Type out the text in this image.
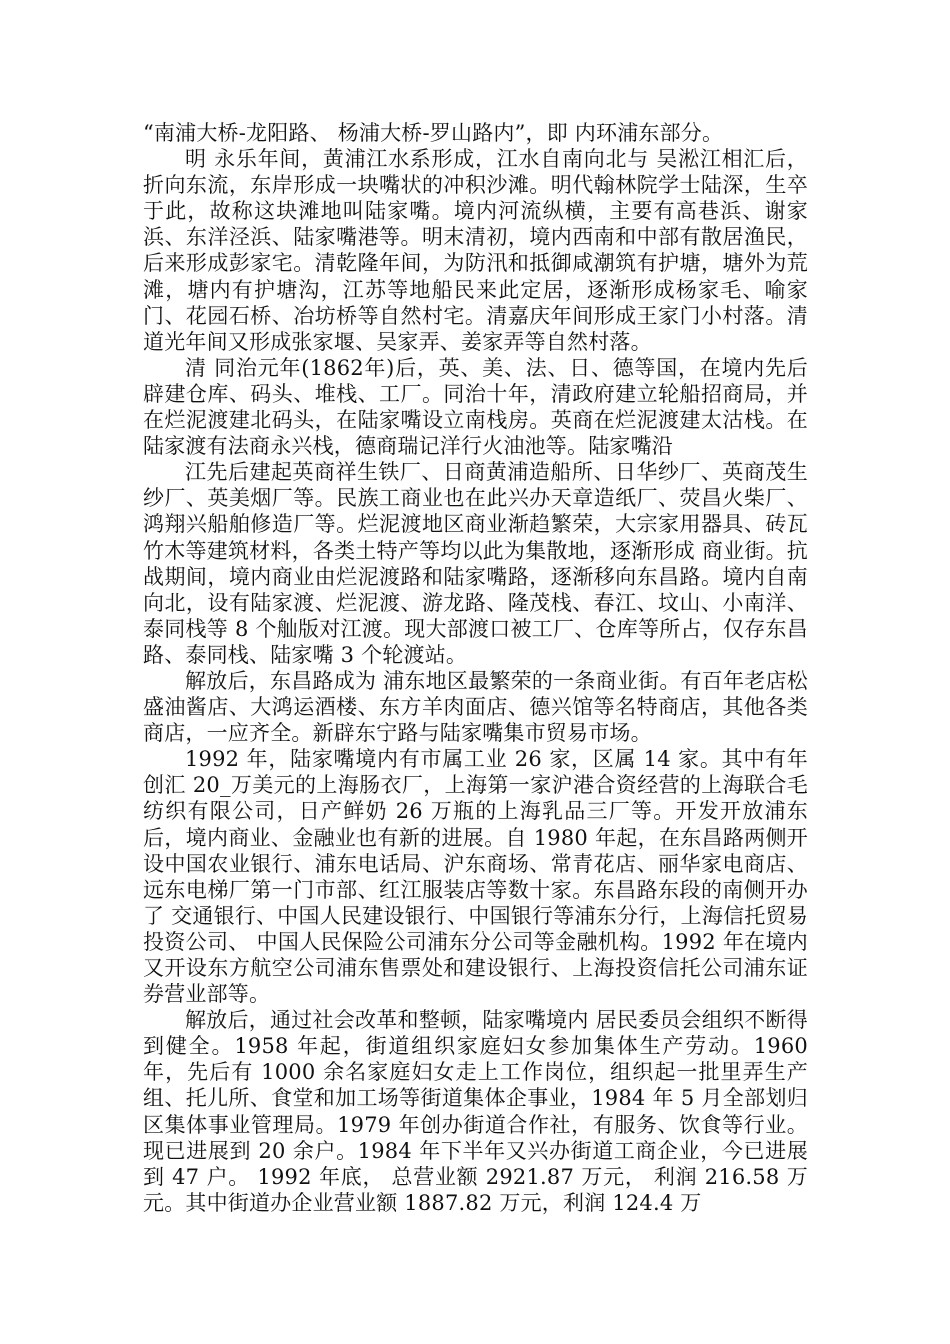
“南浦大桥-龙阳路、 杨浦大桥-罗山路内”，即 内环浦东部分。

明 永乐年间，黄浦江水系形成，江水自南向北与 吴淞江相汇后，折向东流，东岸形成一块嘴状的冲积沙滩。明代翰林院学士陆深，生卒于此，故称这块滩地叫陆家嘴。境内河流纵横，主要有高巷浜、谢家浜、东洋泾浜、陆家嘴港等。明末清初，境内西南和中部有散居渔民，后来形成彭家宅。清乾隆年间，为防汛和抵御咸潮筑有护塘，塘外为荒滩，塘内有护塘沟，江苏等地船民来此定居，逐渐形成杨家毛、喻家门、花园石桥、冶坊桥等自然村宅。清嘉庆年间形成王家门小村落。清道光年间又形成张家堰、吴家弄、姜家弄等自然村落。

清 同治元年(1862年)后，英、美、法、日、德等国，在境内先后辟建仓库、码头、堆栈、工厂。同治十年，清政府建立轮船招商局，并在烂泥渡建北码头，在陆家嘴设立南栈房。英商在烂泥渡建太沽栈。在陆家渡有法商永兴栈，德商瑞记洋行火油池等。陆家嘴沿

江先后建起英商祥生铁厂、日商黄浦造船所、日华纱厂、英商茂生纱厂、英美烟厂等。民族工商业也在此兴办天章造纸厂、荧昌火柴厂、鸿翔兴船舶修造厂等。烂泥渡地区商业渐趋繁荣，大宗家用器具、砖瓦竹木等建筑材料，各类土特产等均以此为集散地，逐渐形成 商业街。抗战期间，境内商业由烂泥渡路和陆家嘴路，逐渐移向东昌路。境内自南向北，设有陆家渡、烂泥渡、游龙路、隆茂栈、春江、坟山、小南洋、泰同栈等 8 个舢版对江渡。现大部渡口被工厂、仓库等所占，仅存东昌路、泰同栈、陆家嘴 3 个轮渡站。

解放后，东昌路成为 浦东地区最繁荣的一条商业街。有百年老店松盛油酱店、大鸿运酒楼、东方羊肉面店、德兴馆等名特商店，其他各类商店，一应齐全。新辟东宁路与陆家嘴集市贸易市场。

1992 年，陆家嘴境内有市属工业 26 家，区属 14 家。其中有年创汇 20_万美元的上海肠衣厂，上海第一家沪港合资经营的上海联合毛纺织有限公司，日产鲜奶 26 万瓶的上海乳品三厂等。开发开放浦东后，境内商业、金融业也有新的进展。自 1980 年起，在东昌路两侧开设中国农业银行、浦东电话局、沪东商场、常青花店、丽华家电商店、 远东电梯厂第一门市部、红江服装店等数十家。东昌路东段的南侧开办了 交通银行、中国人民建设银行、中国银行等浦东分行，上海信托贸易投资公司、 中国人民保险公司浦东分公司等金融机构。1992 年在境内又开设东方航空公司浦东售票处和建设银行、上海投资信托公司浦东证券营业部等。

解放后，通过社会改革和整顿，陆家嘴境内 居民委员会组织不断得到健全。1958 年起，街道组织家庭妇女参加集体生产劳动。1960 年，先后有 1000 余名家庭妇女走上工作岗位，组织起一批里弄生产组、托儿所、食堂和加工场等街道集体企事业，1984 年 5 月全部划归区集体事业管理局。1979 年创办街道合作社，有服务、饮食等行业。现已进展到 20 余户。1984 年下半年又兴办街道工商企业，今已进展到 47 户。 1992 年底， 总营业额 2921.87 万元， 利润 216.58 万元。其中街道办企业营业额 1887.82 万元，利润 124.4 万
